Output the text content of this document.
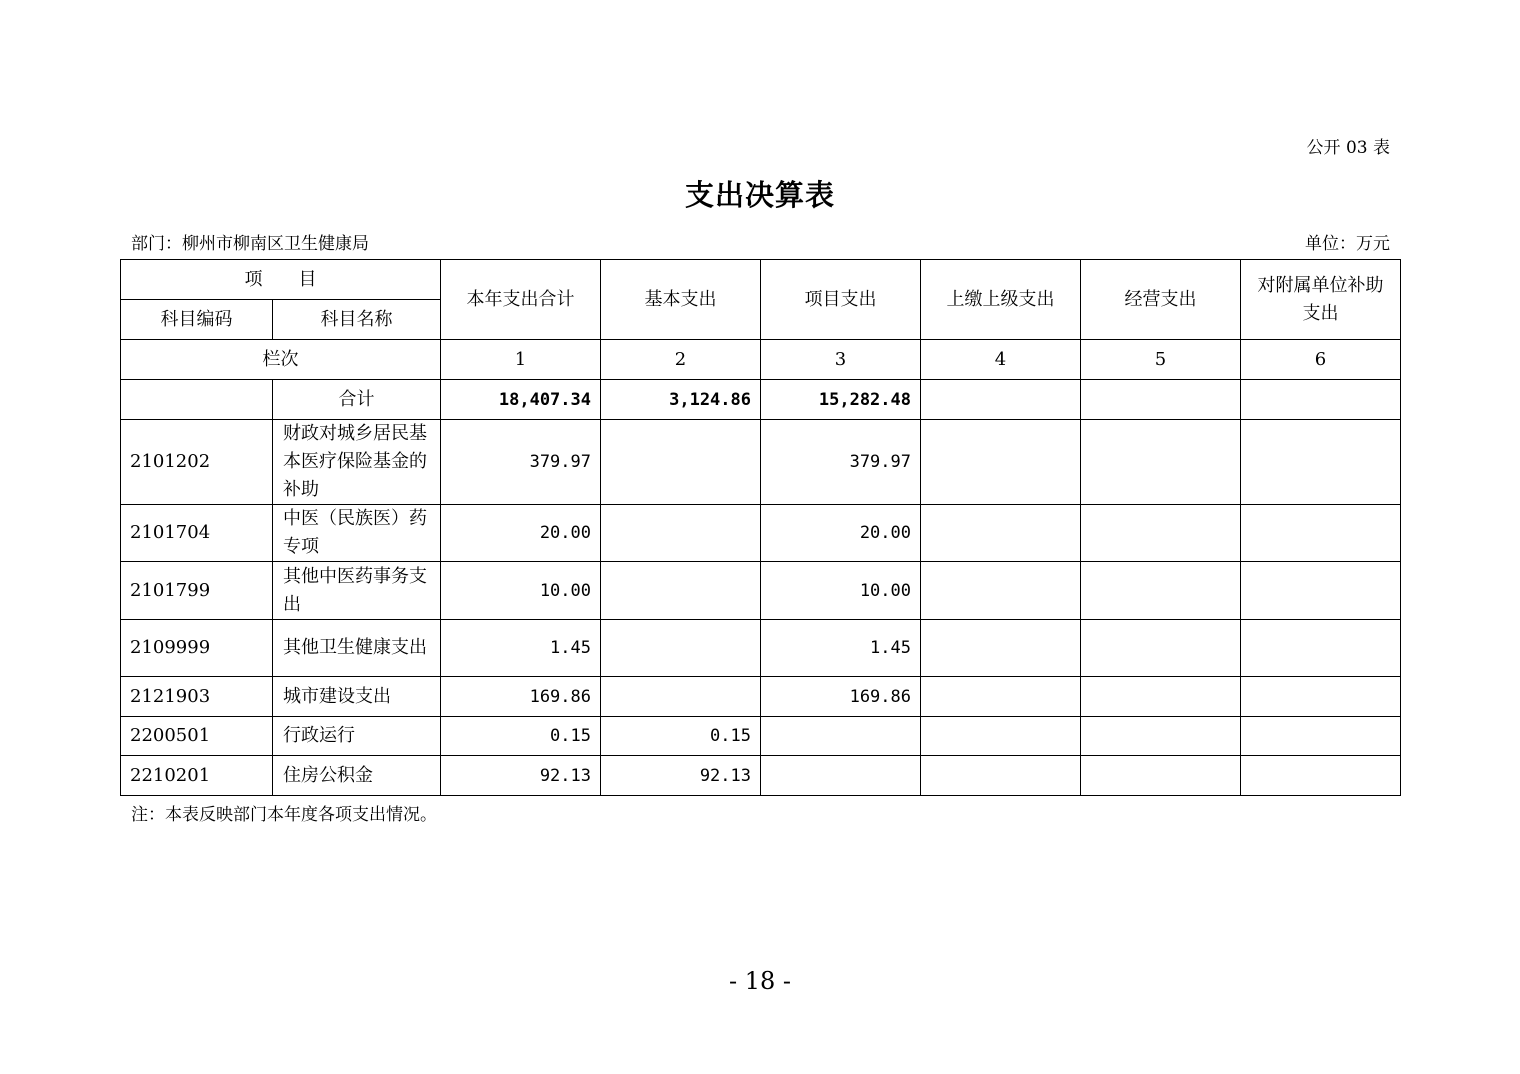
公开 03 表
支出决算表
部门：柳州市柳南区卫生健康局	单位：万元
项　　目		本年支出合计	基本支出	项目支出	上缴上级支出	经营支出	对附属单位补助支出
科目编码	科目名称						
栏次		1	2	3	4	5	6
	合计	18,407.34	3,124.86	15,282.48			
2101202	财政对城乡居民基本医疗保险基金的补助	379.97		379.97			
2101704	中医（民族医）药专项	20.00		20.00			
2101799	其他中医药事务支出	10.00		10.00			
2109999	其他卫生健康支出	1.45		1.45			
2121903	城市建设支出	169.86		169.86			
2200501	行政运行	0.15	0.15				
2210201	住房公积金	92.13	92.13				
注：本表反映部门本年度各项支出情况。
- 18 -
